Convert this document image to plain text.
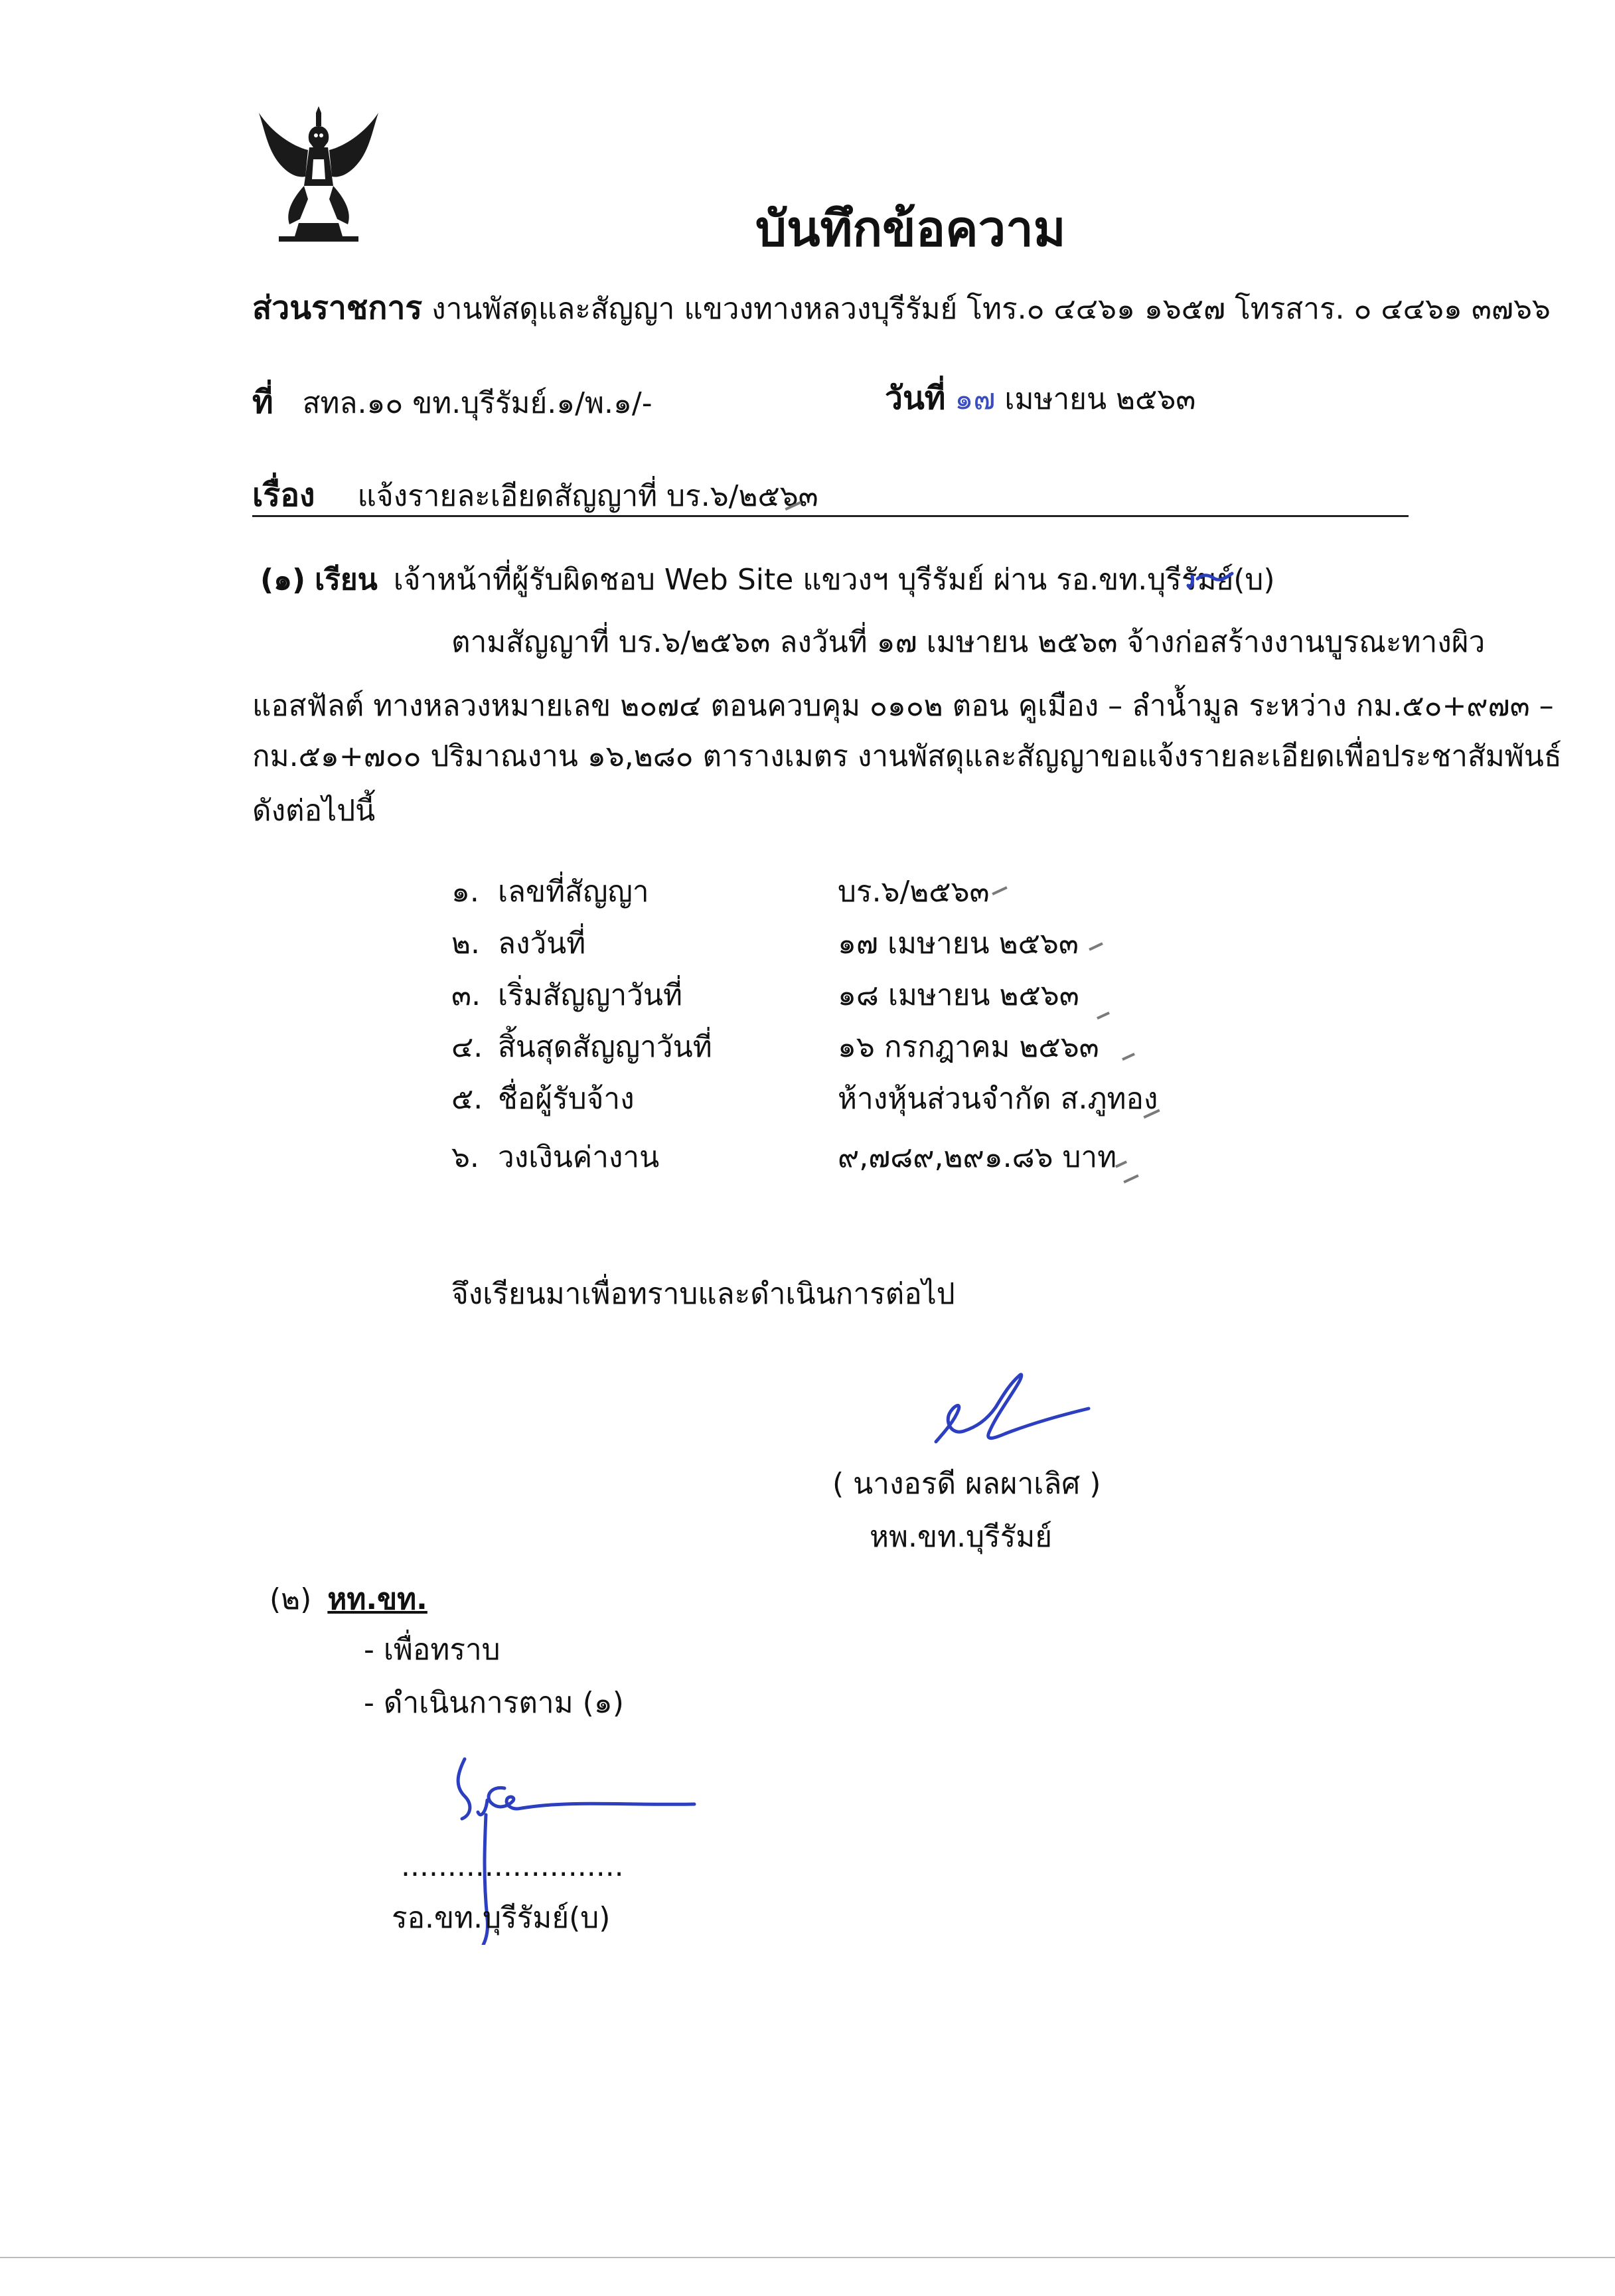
บันทึกข้อความ
ส่วนราชการ งานพัสดุและสัญญา แขวงทางหลวงบุรีรัมย์ โทร.๐ ๔๔๖๑ ๑๖๕๗ โทรสาร. ๐ ๔๔๖๑ ๓๗๖๖
ที่ สทล.๑๐ ขท.บุรีรัมย์.๑/พ.๑/-	วันที่ ๑๗ เมษายน ๒๕๖๓
เรื่อง แจ้งรายละเอียดสัญญาที่ บร.๖/๒๕๖๓
(๑) เรียน เจ้าหน้าที่ผู้รับผิดชอบ Web Site แขวงฯ บุรีรัมย์ ผ่าน รอ.ขท.บุรีรัมย์(บ)
ตามสัญญาที่ บร.๖/๒๕๖๓ ลงวันที่ ๑๗ เมษายน ๒๕๖๓ จ้างก่อสร้างงานบูรณะทางผิว
แอสฟัลต์ ทางหลวงหมายเลข ๒๐๗๔ ตอนควบคุม ๐๑๐๒ ตอน คูเมือง – ลำน้ำมูล ระหว่าง กม.๕๐+๙๗๓ –
กม.๕๑+๗๐๐ ปริมาณงาน ๑๖,๒๘๐ ตารางเมตร งานพัสดุและสัญญาขอแจ้งรายละเอียดเพื่อประชาสัมพันธ์
ดังต่อไปนี้
๑. เลขที่สัญญา	บร.๖/๒๕๖๓
๒. ลงวันที่	๑๗ เมษายน ๒๕๖๓
๓. เริ่มสัญญาวันที่	๑๘ เมษายน ๒๕๖๓
๔. สิ้นสุดสัญญาวันที่	๑๖ กรกฎาคม ๒๕๖๓
๕. ชื่อผู้รับจ้าง	ห้างหุ้นส่วนจำกัด ส.ภูทอง
๖. วงเงินค่างาน	๙,๗๘๙,๒๙๑.๘๖ บาท
จึงเรียนมาเพื่อทราบและดำเนินการต่อไป
( นางอรดี ผลผาเลิศ )
หพ.ขท.บุรีรัมย์
(๒) หท.ขท.
- เพื่อทราบ
- ดำเนินการตาม (๑)
........................
รอ.ขท.บุรีรัมย์(บ)
